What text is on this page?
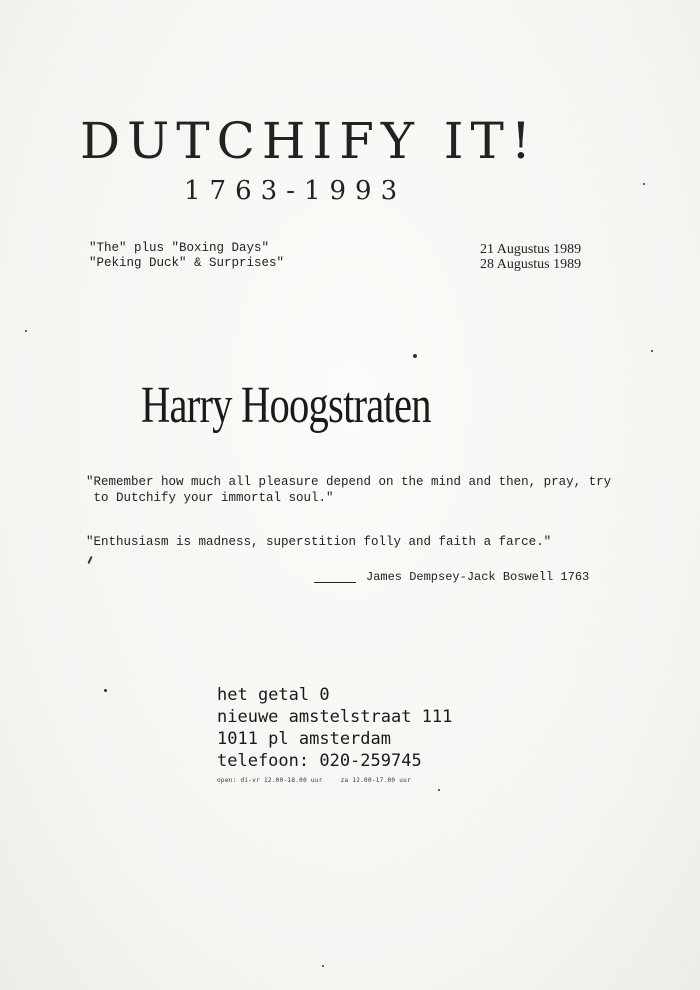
DUTCHIFY IT!
1763-1993
"The" plus "Boxing Days"
"Peking Duck" & Surprises"
21 Augustus 1989
28 Augustus 1989
Harry Hoogstraten
"Remember how much all pleasure depend on the mind and then, pray, try
to Dutchify your immortal soul."
"Enthusiasm is madness, superstition folly and faith a farce."
James Dempsey-Jack Boswell 1763
het getal 0
nieuwe amstelstraat 111
1011 pl amsterdam
telefoon: 020-259745
open: di-vr 12.00-18.00 uur	za 12.00-17.00 uur
